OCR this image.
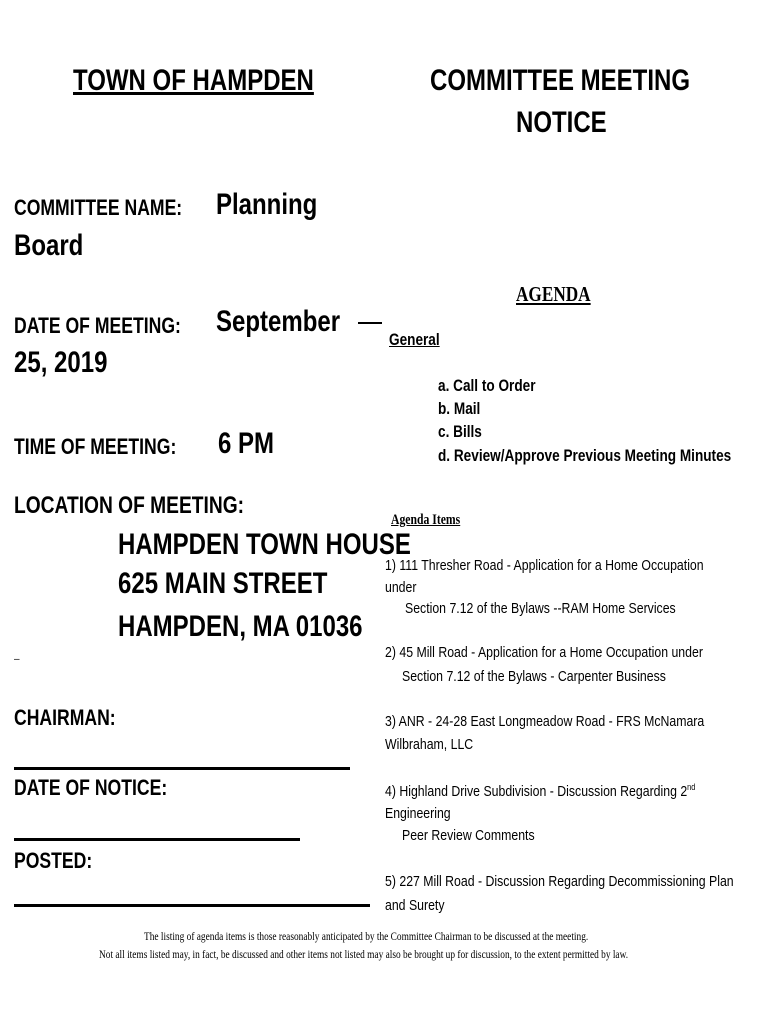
TOWN OF HAMPDEN	COMMITTEE MEETING
NOTICE
COMMITTEE NAME: Planning
Board
DATE OF MEETING: September
25, 2019
TIME OF MEETING: 6 PM
LOCATION OF MEETING:
HAMPDEN TOWN HOUSE
625 MAIN STREET
HAMPDEN, MA 01036
–
CHAIRMAN:
DATE OF NOTICE:
POSTED:
AGENDA
General
a. Call to Order
b. Mail
c. Bills
d. Review/Approve Previous Meeting Minutes
Agenda Items
1) 111 Thresher Road - Application for a Home Occupation
under
Section 7.12 of the Bylaws --RAM Home Services
2) 45 Mill Road - Application for a Home Occupation under
Section 7.12 of the Bylaws - Carpenter Business
3) ANR - 24-28 East Longmeadow Road - FRS McNamara
Wilbraham, LLC
4) Highland Drive Subdivision - Discussion Regarding 2nd
Engineering
Peer Review Comments
5) 227 Mill Road - Discussion Regarding Decommissioning Plan
and Surety
The listing of agenda items is those reasonably anticipated by the Committee Chairman to be discussed at the meeting.
Not all items listed may, in fact, be discussed and other items not listed may also be brought up for discussion, to the extent permitted by law.
